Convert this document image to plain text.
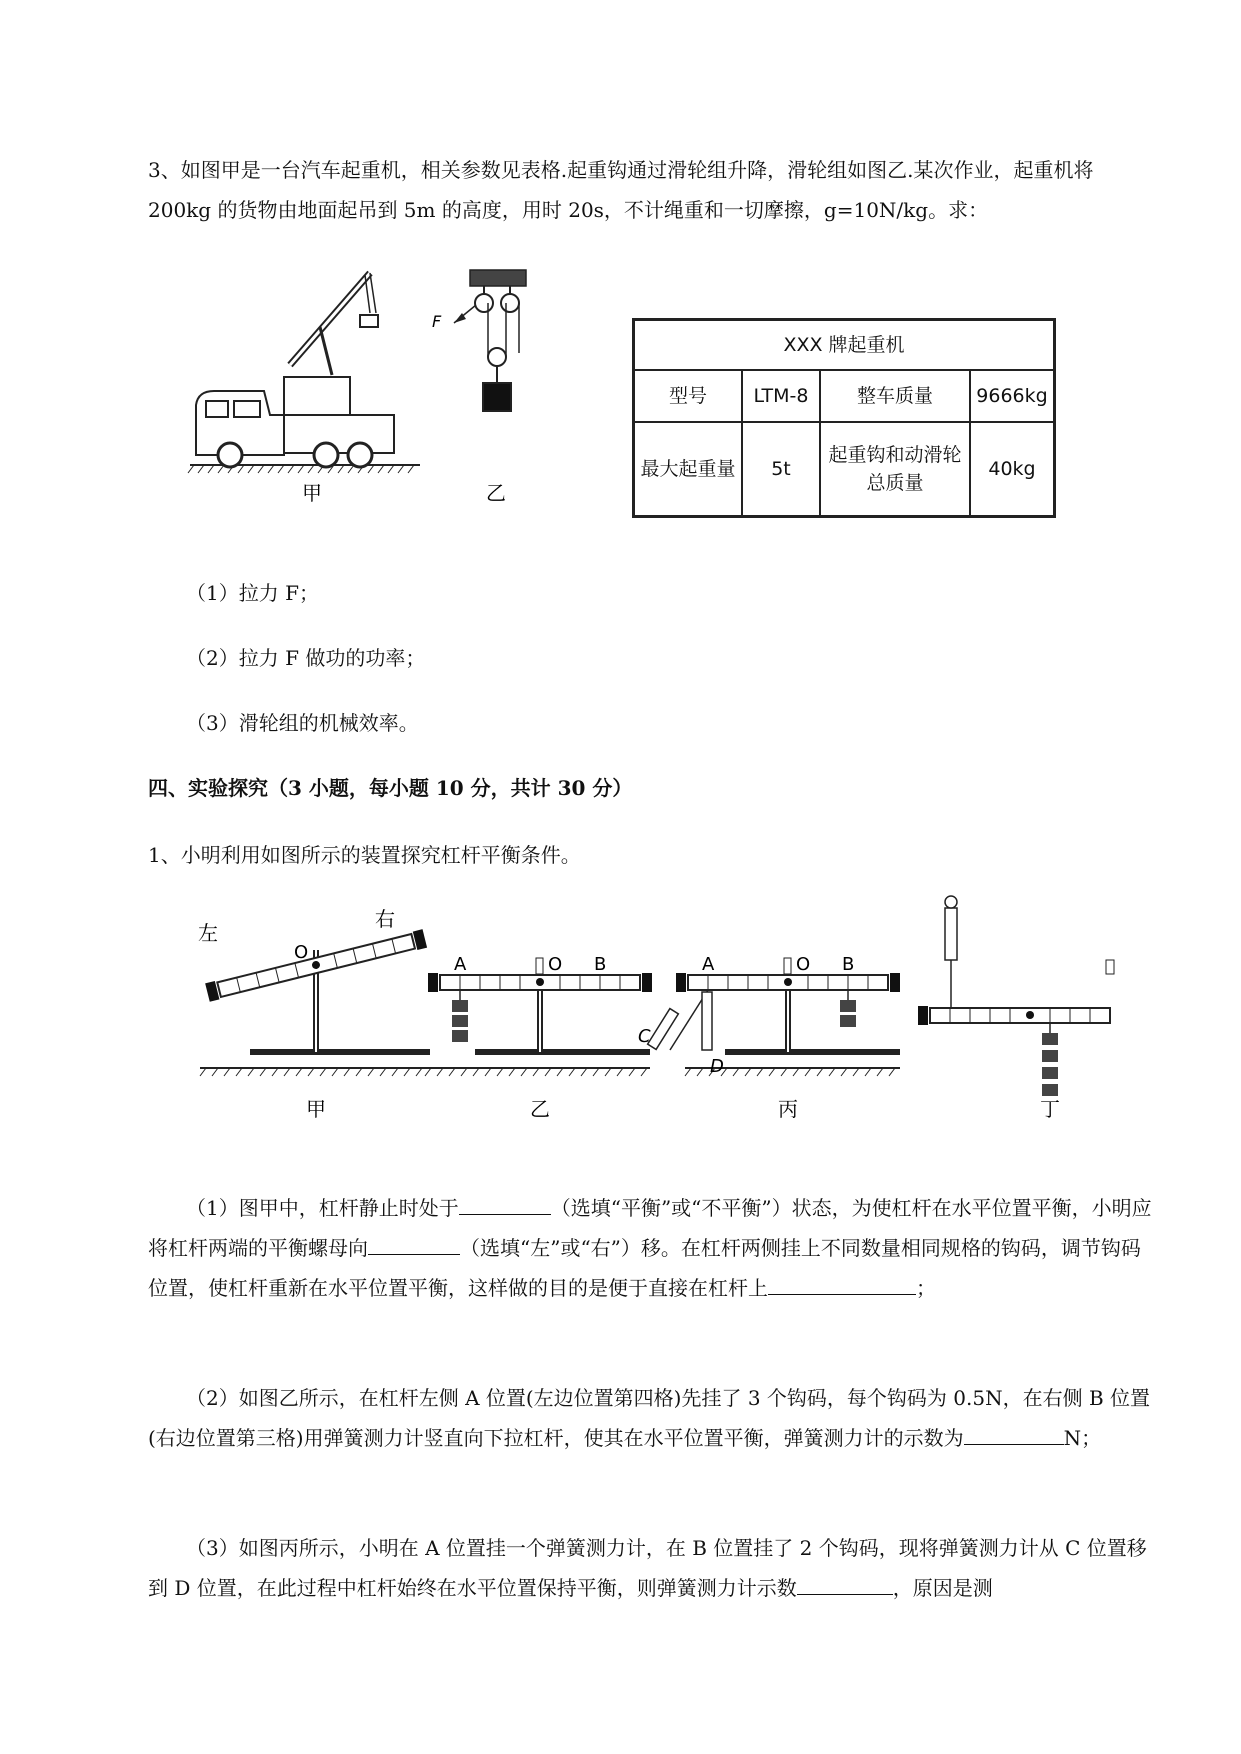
3、如图甲是一台汽车起重机，相关参数见表格.起重钩通过滑轮组升降，滑轮组如图乙.某次作业，起重机将 200kg 的货物由地面起吊到 5m 的高度，用时 20s，不计绳重和一切摩擦，g=10N/kg。求：

甲
F
乙
XXX 牌起重机			
型号	LTM-8	整车质量	9666kg
最大起重量	5t	起重钩和动滑轮总质量	40kg

（1）拉力 F；

（2）拉力 F 做功的功率；

（3）滑轮组的机械效率。

四、实验探究（3 小题，每小题 10 分，共计 30 分）

1、小明利用如图所示的装置探究杠杆平衡条件。

左
右
O
甲
A	O B
乙
C
D
A	O B
丙	丁

（1）图甲中，杠杆静止时处于	（选填“平衡”或“不平衡”）状态，为使杠杆在水平位置平衡，小明应将杠杆两端的平衡螺母向	（选填“左”或“右”）移。在杠杆两侧挂上不同数量相同规格的钩码，调节钩码位置，使杠杆重新在水平位置平衡，这样做的目的是便于直接在杠杆上	；

（2）如图乙所示，在杠杆左侧 A 位置(左边位置第四格)先挂了 3 个钩码，每个钩码为 0.5N，在右侧 B 位置(右边位置第三格)用弹簧测力计竖直向下拉杠杆，使其在水平位置平衡，弹簧测力计的示数为	N；

（3）如图丙所示，小明在 A 位置挂一个弹簧测力计，在 B 位置挂了 2 个钩码，现将弹簧测力计从 C 位置移到 D 位置，在此过程中杠杆始终在水平位置保持平衡，则弹簧测力计示数	，原因是测
